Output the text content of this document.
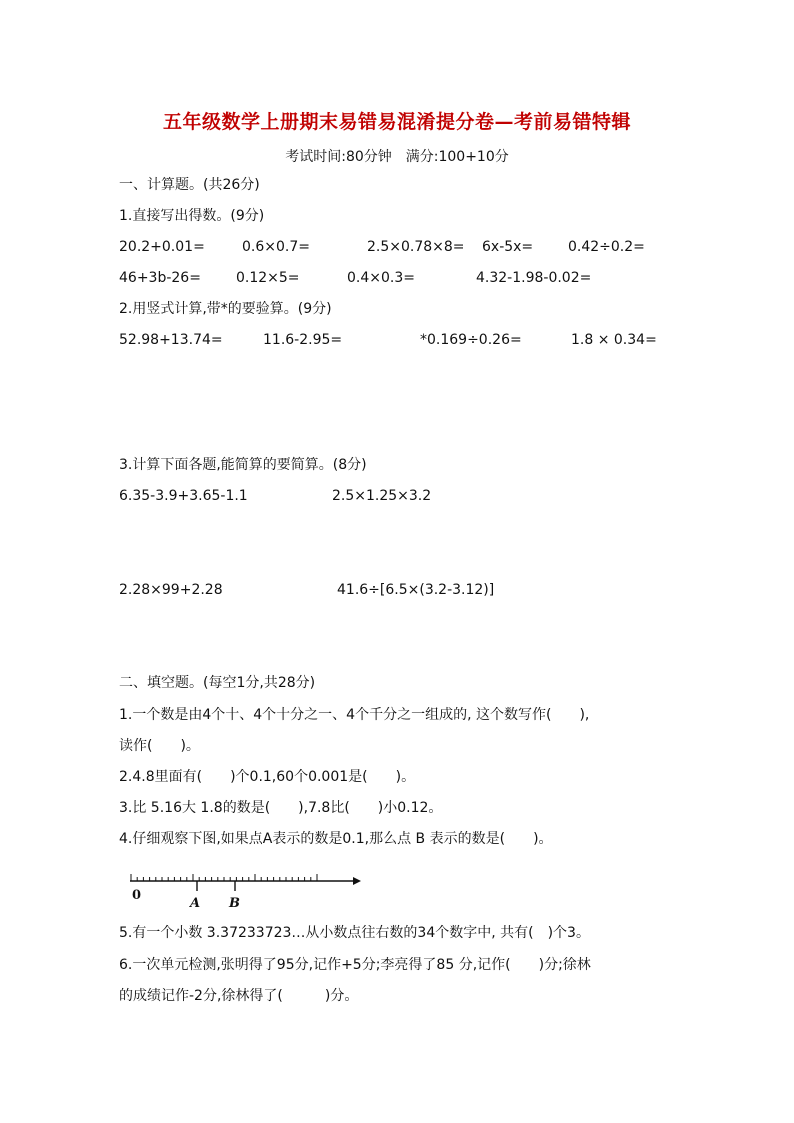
五年级数学上册期末易错易混淆提分卷—考前易错特辑
考试时间:80分钟 满分:100+10分
一、计算题。(共26分)
1.直接写出得数。(9分)
20.2+0.01=	0.6×0.7=	2.5×0.78×8= 6x-5x= 0.42÷0.2=
46+3b-26=	0.12×5=	0.4×0.3=	4.32-1.98-0.02=
2.用竖式计算,带*的要验算。(9分)
52.98+13.74=	11.6-2.95=	*0.169÷0.26=	1.8 × 0.34=
3.计算下面各题,能简算的要简算。(8分)
6.35-3.9+3.65-1.1	2.5×1.25×3.2
2.28×99+2.28	41.6÷[6.5×(3.2-3.12)]
二、填空题。(每空1分,共28分)
1.一个数是由4个十、4个十分之一、4个千分之一组成的, 这个数写作(　　),
读作(　　)。
2.4.8里面有(　　)个0.1,60个0.001是(　　)。
3.比 5.16大 1.8的数是(　　),7.8比(　　)小0.12。
4.仔细观察下图,如果点A表示的数是0.1,那么点 B 表示的数是(　　)。
0
A B
5.有一个小数 3.37233723…从小数点往右数的34个数字中, 共有(　)个3。
6.一次单元检测,张明得了95分,记作+5分;李亮得了85 分,记作(　　)分;徐林
的成绩记作-2分,徐林得了(　　　)分。
